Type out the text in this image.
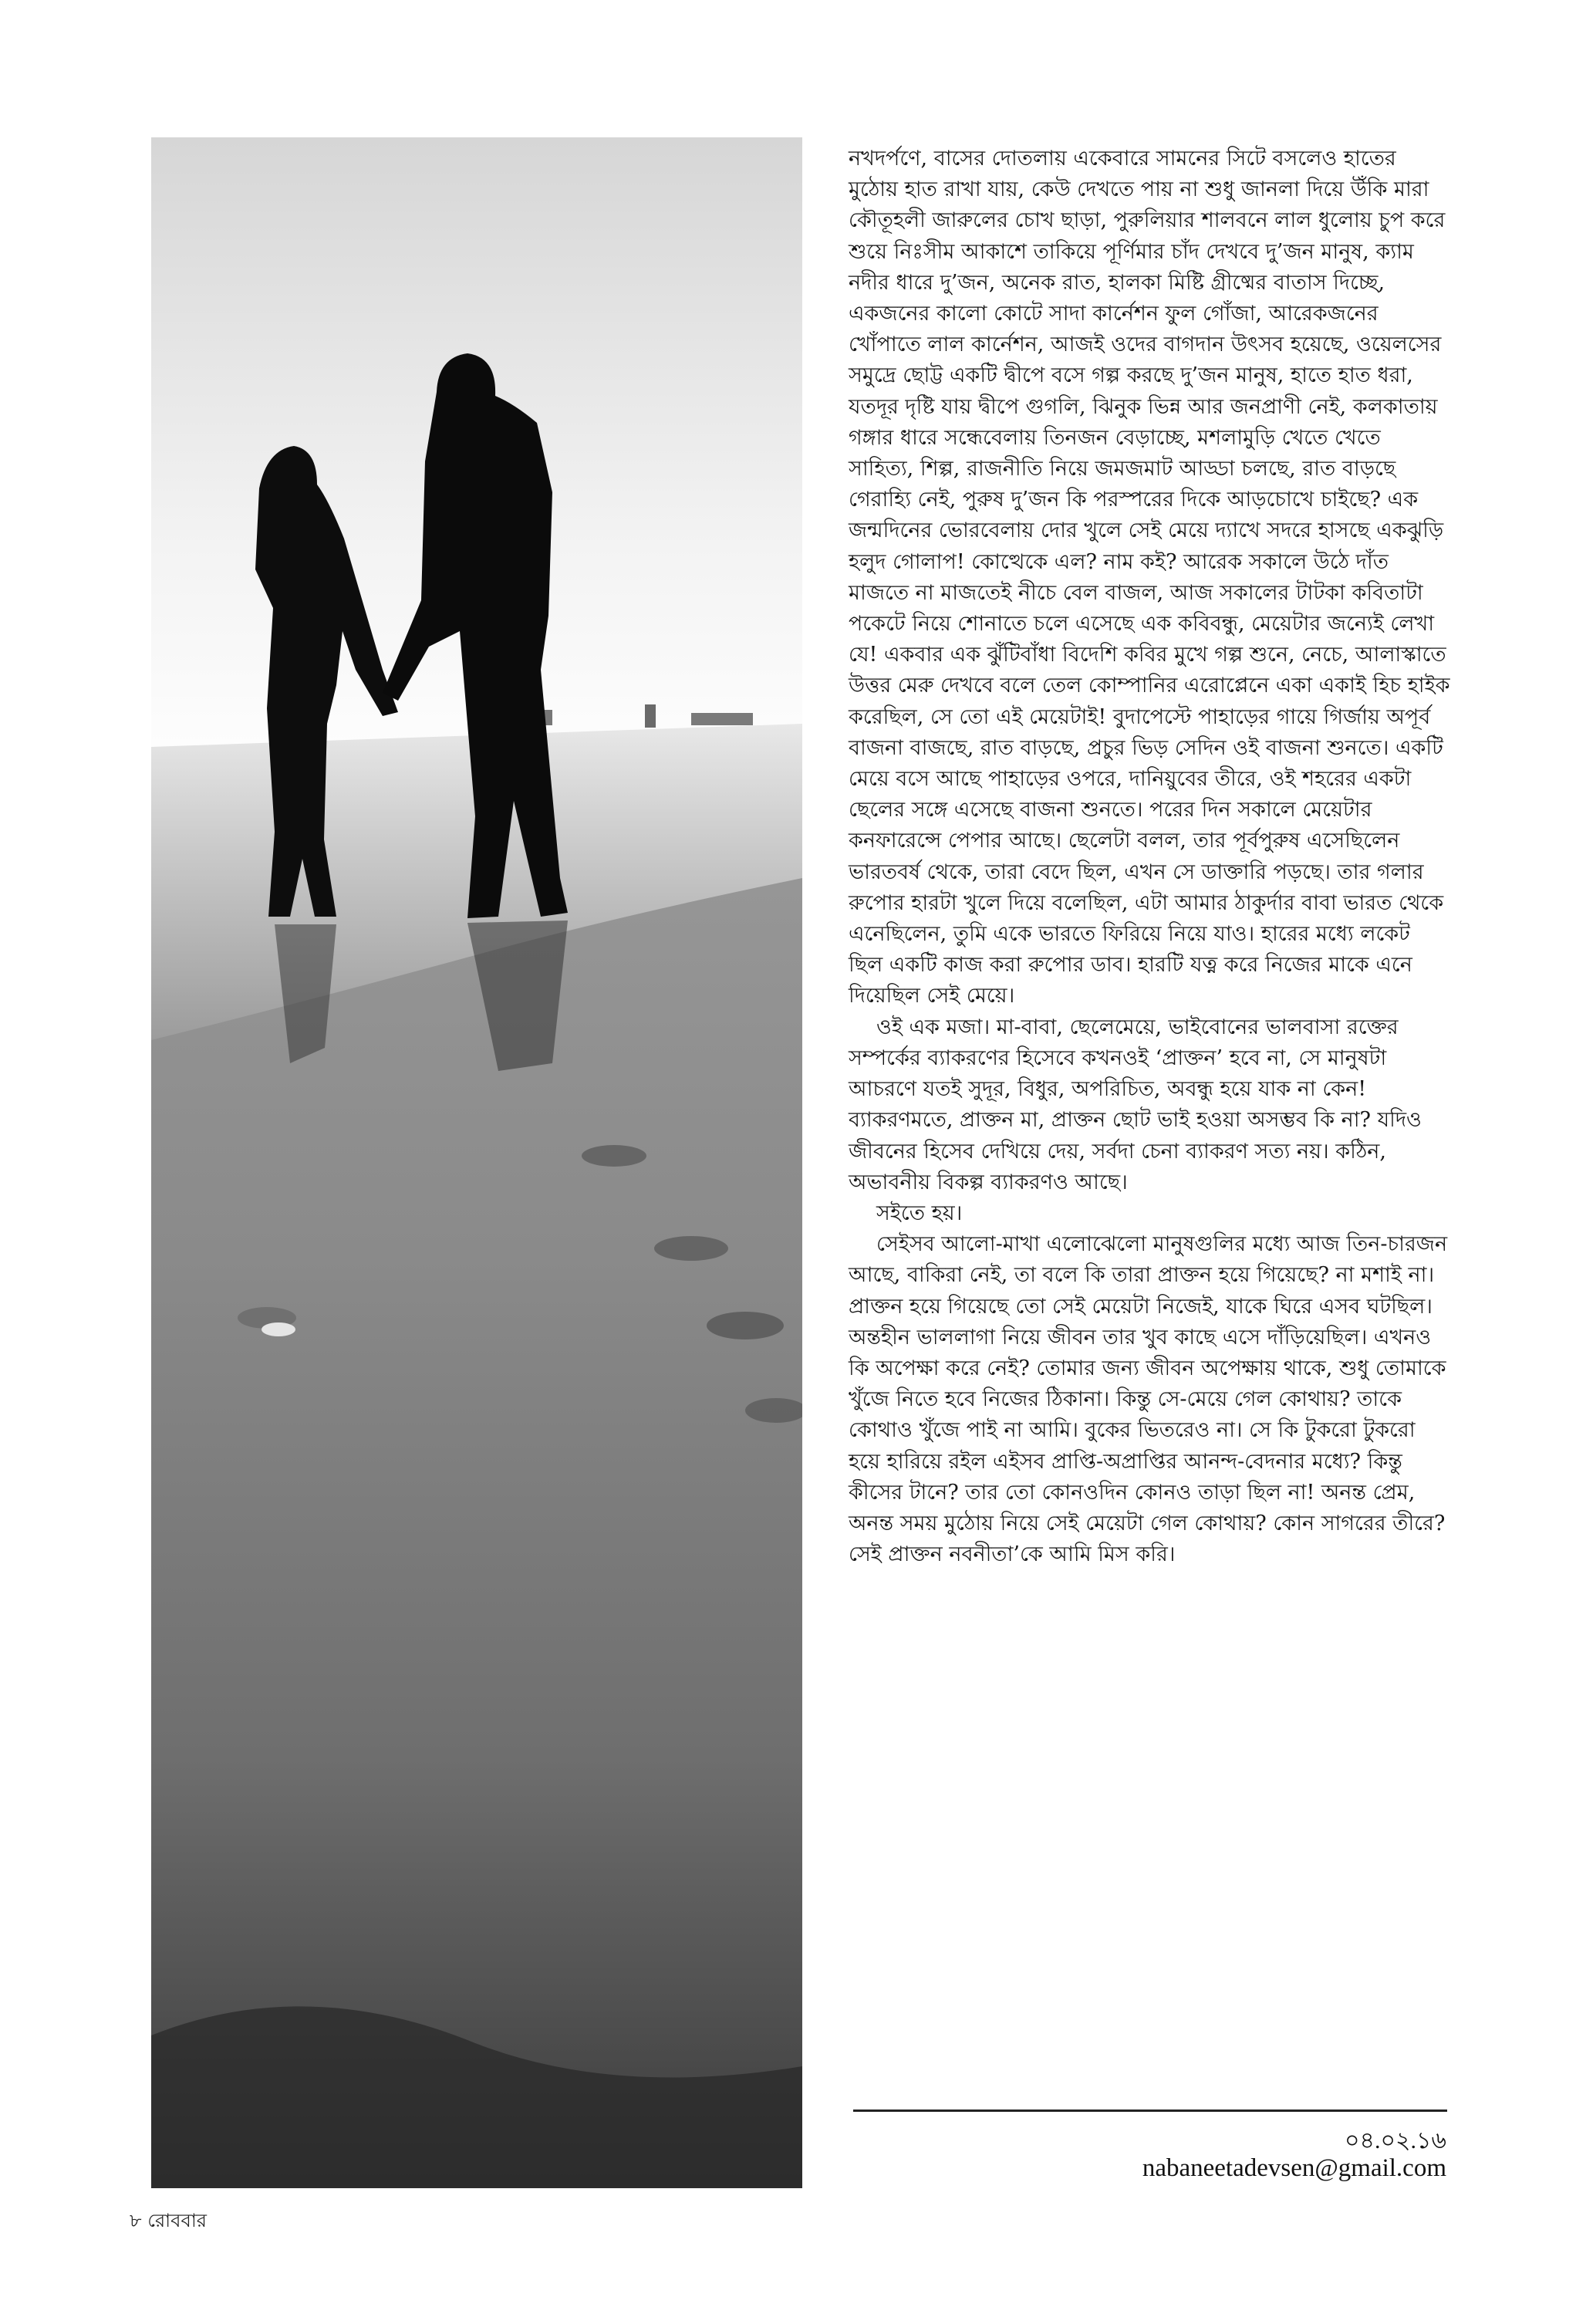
নখদর্পণে, বাসের দোতলায় একেবারে সামনের সিটে বসলেও হাতের মুঠোয় হাত রাখা যায়, কেউ দেখতে পায় না শুধু জানলা দিয়ে উঁকি মারা কৌতূহলী জারুলের চোখ ছাড়া, পুরুলিয়ার শালবনে লাল ধুলোয় চুপ করে শুয়ে নিঃসীম আকাশে তাকিয়ে পূর্ণিমার চাঁদ দেখবে দু’জন মানুষ, ক্যাম নদীর ধারে দু’জন, অনেক রাত, হালকা মিষ্টি গ্রীষ্মের বাতাস দিচ্ছে, একজনের কালো কোটে সাদা কার্নেশন ফুল গোঁজা, আরেকজনের খোঁপাতে লাল কার্নেশন, আজই ওদের বাগদান উৎসব হয়েছে, ওয়েলসের সমুদ্রে ছোট্ট একটি দ্বীপে বসে গল্প করছে দু’জন মানুষ, হাতে হাত ধরা, যতদূর দৃষ্টি যায় দ্বীপে গুগলি, ঝিনুক ভিন্ন আর জনপ্রাণী নেই, কলকাতায় গঙ্গার ধারে সন্ধেবেলায় তিনজন বেড়াচ্ছে, মশলামুড়ি খেতে খেতে সাহিত্য, শিল্প, রাজনীতি নিয়ে জমজমাট আড্ডা চলছে, রাত বাড়ছে গেরাহ্যি নেই, পুরুষ দু’জন কি পরস্পরের দিকে আড়চোখে চাইছে? এক জন্মদিনের ভোরবেলায় দোর খুলে সেই মেয়ে দ্যাখে সদরে হাসছে একঝুড়ি হলুদ গোলাপ! কোত্থেকে এল? নাম কই? আরেক সকালে উঠে দাঁত মাজতে না মাজতেই নীচে বেল বাজল, আজ সকালের টাটকা কবিতাটা পকেটে নিয়ে শোনাতে চলে এসেছে এক কবিবন্ধু, মেয়েটার জন্যেই লেখা যে! একবার এক ঝুঁটিবাঁধা বিদেশি কবির মুখে গল্প শুনে, নেচে, আলাস্কাতে উত্তর মেরু দেখবে বলে তেল কোম্পানির এরোপ্লেনে একা একাই হিচ হাইক করেছিল, সে তো এই মেয়েটাই! বুদাপেস্টে পাহাড়ের গায়ে গির্জায় অপূর্ব বাজনা বাজছে, রাত বাড়ছে, প্রচুর ভিড় সেদিন ওই বাজনা শুনতে। একটি মেয়ে বসে আছে পাহাড়ের ওপরে, দানিয়ুবের তীরে, ওই শহরের একটা ছেলের সঙ্গে এসেছে বাজনা শুনতে। পরের দিন সকালে মেয়েটার কনফারেন্সে পেপার আছে। ছেলেটা বলল, তার পূর্বপুরুষ এসেছিলেন ভারতবর্ষ থেকে, তারা বেদে ছিল, এখন সে ডাক্তারি পড়ছে। তার গলার রুপোর হারটা খুলে দিয়ে বলেছিল, এটা আমার ঠাকুর্দার বাবা ভারত থেকে এনেছিলেন, তুমি একে ভারতে ফিরিয়ে নিয়ে যাও। হারের মধ্যে লকেট ছিল একটি কাজ করা রুপোর ডাব। হারটি যত্ন করে নিজের মাকে এনে দিয়েছিল সেই মেয়ে।

ওই এক মজা। মা-বাবা, ছেলেমেয়ে, ভাইবোনের ভালবাসা রক্তের সম্পর্কের ব্যাকরণের হিসেবে কখনওই ‘প্রাক্তন’ হবে না, সে মানুষটা আচরণে যতই সুদূর, বিধুর, অপরিচিত, অবন্ধু হয়ে যাক না কেন! ব্যাকরণমতে, প্রাক্তন মা, প্রাক্তন ছোট ভাই হওয়া অসম্ভব কি না? যদিও জীবনের হিসেব দেখিয়ে দেয়, সর্বদা চেনা ব্যাকরণ সত্য নয়। কঠিন, অভাবনীয় বিকল্প ব্যাকরণও আছে।

সইতে হয়।

সেইসব আলো-মাখা এলোঝেলো মানুষগুলির মধ্যে আজ তিন-চারজন আছে, বাকিরা নেই, তা বলে কি তারা প্রাক্তন হয়ে গিয়েছে? না মশাই না। প্রাক্তন হয়ে গিয়েছে তো সেই মেয়েটা নিজেই, যাকে ঘিরে এসব ঘটছিল। অন্তহীন ভাললাগা নিয়ে জীবন তার খুব কাছে এসে দাঁড়িয়েছিল। এখনও কি অপেক্ষা করে নেই? তোমার জন্য জীবন অপেক্ষায় থাকে, শুধু তোমাকে খুঁজে নিতে হবে নিজের ঠিকানা। কিন্তু সে-মেয়ে গেল কোথায়? তাকে কোথাও খুঁজে পাই না আমি। বুকের ভিতরেও না। সে কি টুকরো টুকরো হয়ে হারিয়ে রইল এইসব প্রাপ্তি-অপ্রাপ্তির আনন্দ-বেদনার মধ্যে? কিন্তু কীসের টানে? তার তো কোনওদিন কোনও তাড়া ছিল না! অনন্ত প্রেম, অনন্ত সময় মুঠোয় নিয়ে সেই মেয়েটা গেল কোথায়? কোন সাগরের তীরে? সেই প্রাক্তন নবনীতা’কে আমি মিস করি।

০৪.০২.১৬
nabaneetadevsen@gmail.com
৮ রোববার
